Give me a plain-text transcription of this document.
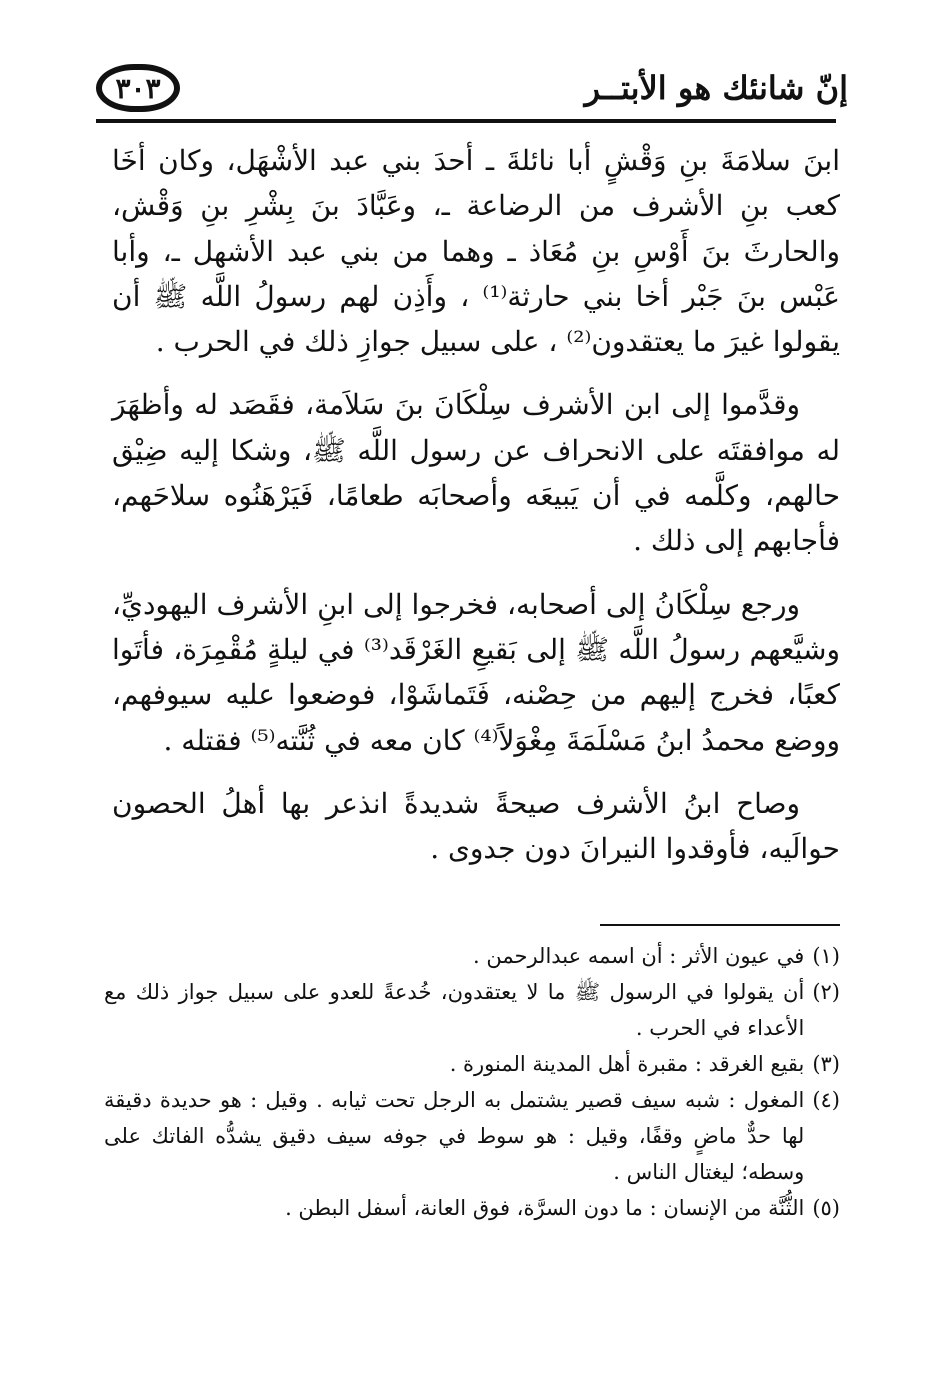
إنّ شانئك هو الأبتــر
٣٠٣

ابنَ سلامَةَ بنِ وَقْشٍ أبا نائلةَ ـ أحدَ بني عبد الأشْهَل، وكان أخَا كعب بنِ الأشرف من الرضاعة ـ، وعَبَّادَ بنَ بِشْرِ بنِ وَقْش، والحارثَ بنَ أَوْسِ بنِ مُعَاذ ـ وهما من بني عبد الأشهل ـ، وأبا عَبْس بنَ جَبْر أخا بني حارثة⁽¹⁾ ، وأَذِن لهم رسولُ اللَّه ﷺ أن يقولوا غيرَ ما يعتقدون⁽²⁾ ، على سبيل جوازِ ذلك في الحرب .

وقدَّموا إلى ابن الأشرف سِلْكَانَ بنَ سَلاَمة، فقَصَد له وأظهَرَ له موافقتَه على الانحراف عن رسول اللَّه ﷺ، وشكا إليه ضِيْق حالهم، وكلَّمه في أن يَبيعَه وأصحابَه طعامًا، فَيَرْهَنُوه سلاحَهم، فأجابهم إلى ذلك .

ورجع سِلْكَانُ إلى أصحابه، فخرجوا إلى ابنِ الأشرف اليهوديِّ، وشيَّعهم رسولُ اللَّه ﷺ إلى بَقيعِ الغَرْقَد⁽³⁾ في ليلةٍ مُقْمِرَة، فأتَوا كعبًا، فخرج إليهم من حِصْنه، فَتَماشَوْا، فوضعوا عليه سيوفهم، ووضع محمدُ ابنُ مَسْلَمَةَ مِغْوَلاً⁽⁴⁾ كان معه في ثُنَّته⁽⁵⁾ فقتله .

وصاح ابنُ الأشرف صيحةً شديدةً انذعر بها أهلُ الحصون حوالَيه، فأوقدوا النيرانَ دون جدوى .

(١)
في عيون الأثر : أن اسمه عبدالرحمن .
(٢)
أن يقولوا في الرسول ﷺ ما لا يعتقدون، خُدعةً للعدو على سبيل جواز ذلك مع الأعداء في الحرب .
(٣)
بقيع الغرقد : مقبرة أهل المدينة المنورة .
(٤)
المغول : شبه سيف قصير يشتمل به الرجل تحت ثيابه . وقيل : هو حديدة دقيقة لها حدٌّ ماضٍ وقفًا، وقيل : هو سوط في جوفه سيف دقيق يشدُّه الفاتك على وسطه؛ ليغتال الناس .
(٥)
الثُّنَّة من الإنسان : ما دون السرَّة، فوق العانة، أسفل البطن .
